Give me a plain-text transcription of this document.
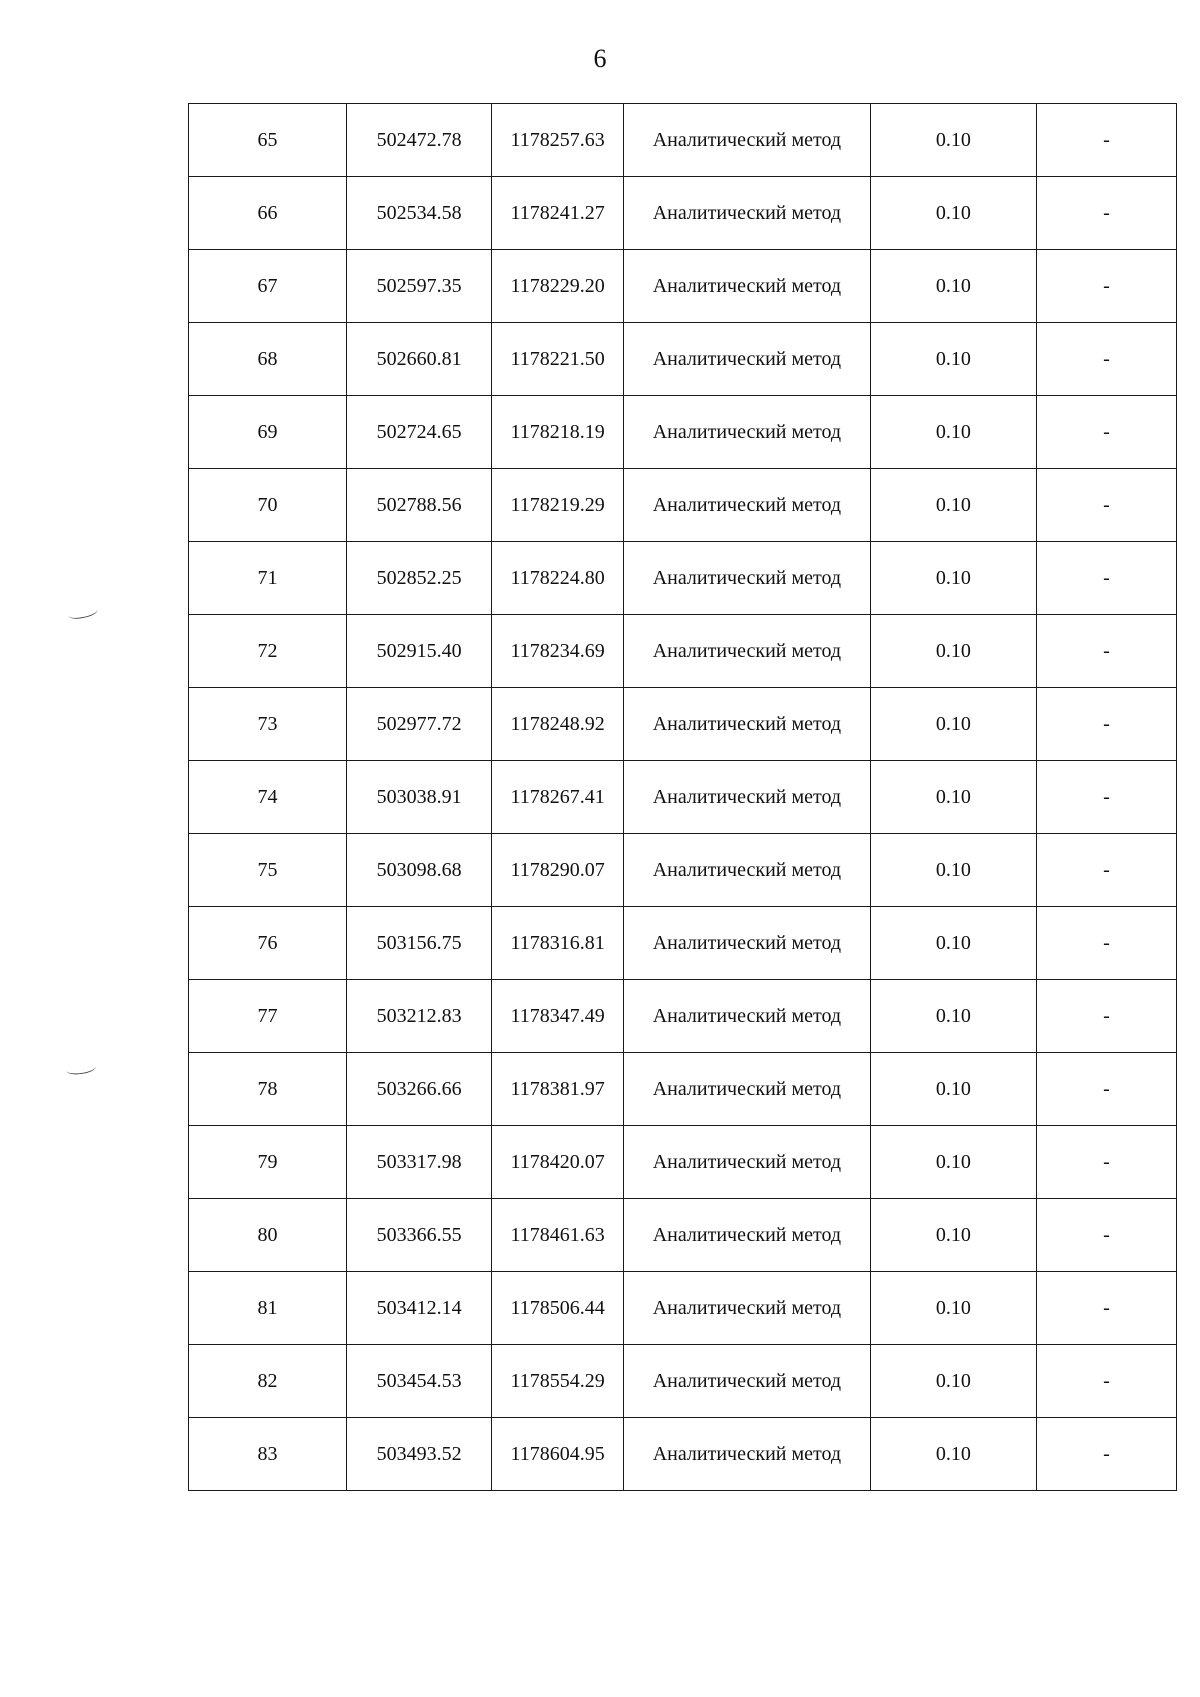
6
65	502472.78	1178257.63	Аналитический метод	0.10	-
66	502534.58	1178241.27	Аналитический метод	0.10	-
67	502597.35	1178229.20	Аналитический метод	0.10	-
68	502660.81	1178221.50	Аналитический метод	0.10	-
69	502724.65	1178218.19	Аналитический метод	0.10	-
70	502788.56	1178219.29	Аналитический метод	0.10	-
71	502852.25	1178224.80	Аналитический метод	0.10	-
72	502915.40	1178234.69	Аналитический метод	0.10	-
73	502977.72	1178248.92	Аналитический метод	0.10	-
74	503038.91	1178267.41	Аналитический метод	0.10	-
75	503098.68	1178290.07	Аналитический метод	0.10	-
76	503156.75	1178316.81	Аналитический метод	0.10	-
77	503212.83	1178347.49	Аналитический метод	0.10	-
78	503266.66	1178381.97	Аналитический метод	0.10	-
79	503317.98	1178420.07	Аналитический метод	0.10	-
80	503366.55	1178461.63	Аналитический метод	0.10	-
81	503412.14	1178506.44	Аналитический метод	0.10	-
82	503454.53	1178554.29	Аналитический метод	0.10	-
83	503493.52	1178604.95	Аналитический метод	0.10	-
